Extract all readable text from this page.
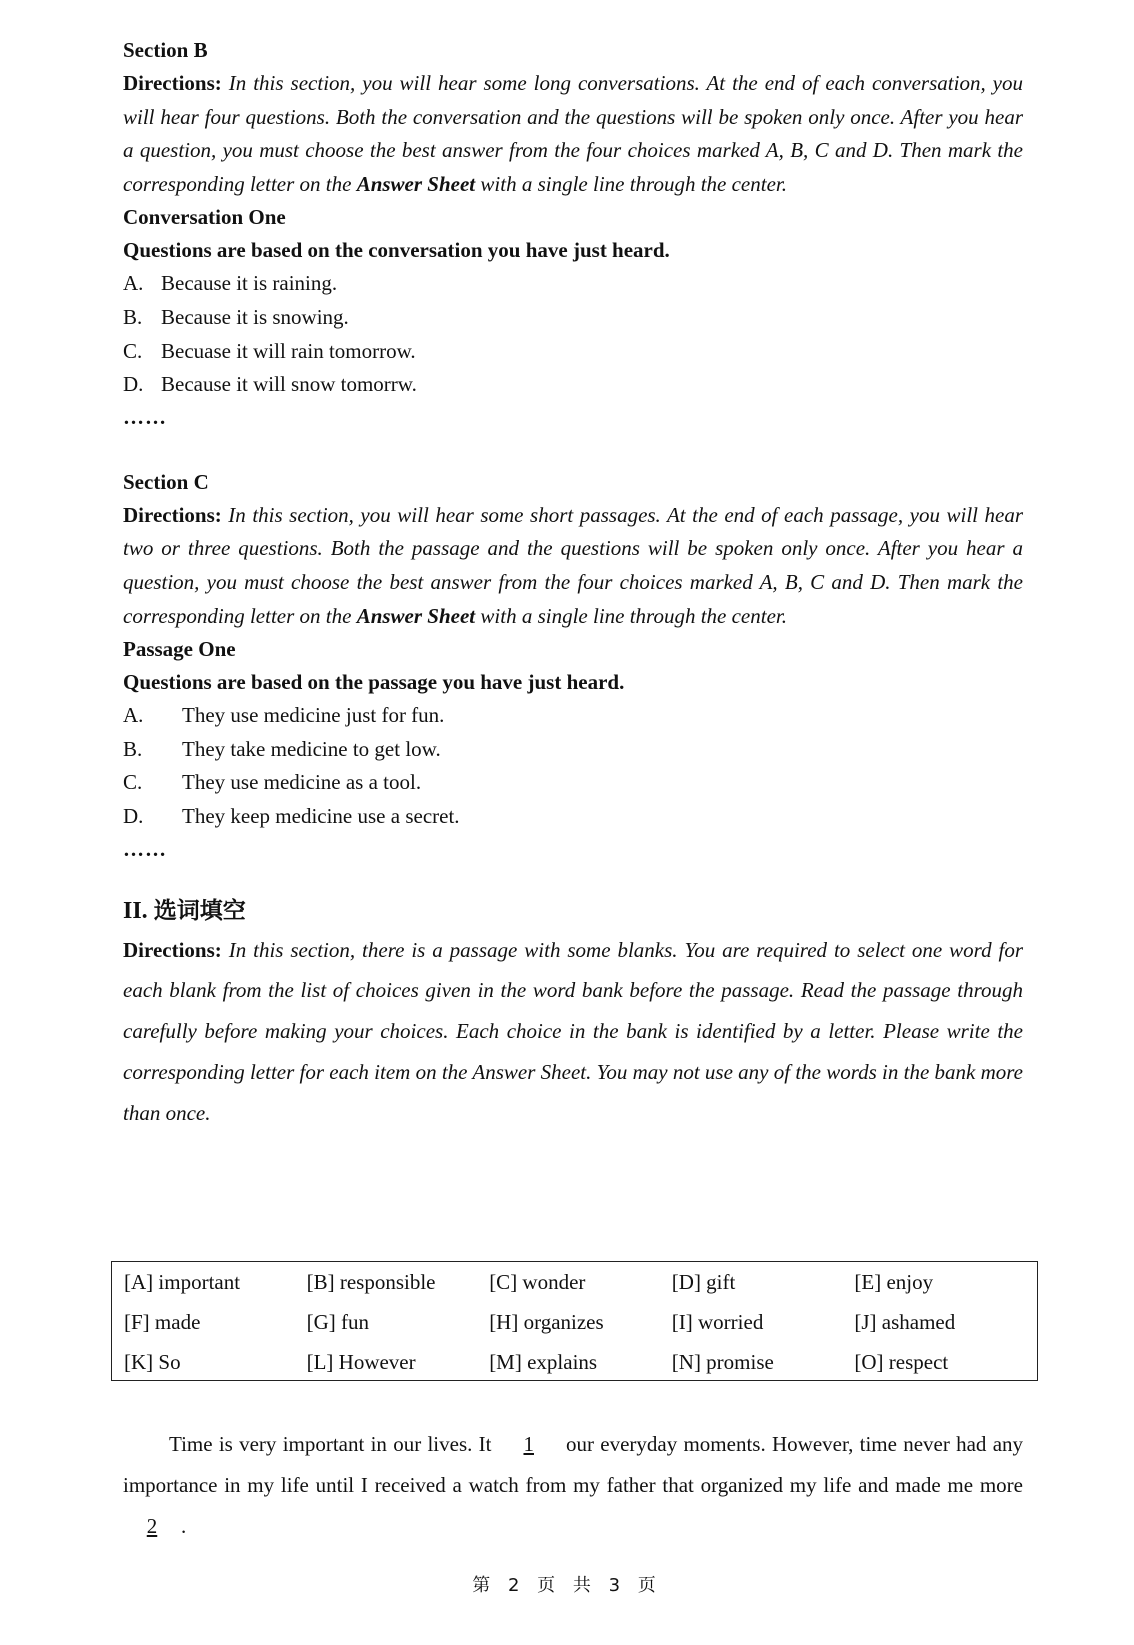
Section B

Directions: In this section, you will hear some long conversations. At the end of each conversation, you will hear four questions. Both the conversation and the questions will be spoken only once. After you hear a question, you must choose the best answer from the four choices marked A, B, C and D. Then mark the corresponding letter on the Answer Sheet with a single line through the center.

Conversation One
Questions are based on the conversation you have just heard.
A. Because it is raining.
B. Because it is snowing.
C. Becuase it will rain tomorrow.
D. Because it will snow tomorrw.
……
Section C

Directions: In this section, you will hear some short passages. At the end of each passage, you will hear two or three questions. Both the passage and the questions will be spoken only once. After you hear a question, you must choose the best answer from the four choices marked A, B, C and D. Then mark the corresponding letter on the Answer Sheet with a single line through the center.

Passage One
Questions are based on the passage you have just heard.
A.	They use medicine just for fun.
B.	They take medicine to get low.
C.	They use medicine as a tool.
D.	They keep medicine use a secret.
……
II. 选词填空

Directions: In this section, there is a passage with some blanks. You are required to select one word for each blank from the list of choices given in the word bank before the passage. Read the passage through carefully before making your choices. Each choice in the bank is identified by a letter. Please write the corresponding letter for each item on the Answer Sheet. You may not use any of the words in the bank more than once.

[A] important	[B] responsible	[C] wonder	[D] gift	[E] enjoy
[F] made	[G] fun	[H] organizes	[I] worried	[J] ashamed
[K] So	[L] However	[M] explains	[N] promise	[O] respect

Time is very important in our lives. It 1 our everyday moments. However, time never had any importance in my life until I received a watch from my father that organized my life and made me more 2 .

第 2 页 共 3 页
